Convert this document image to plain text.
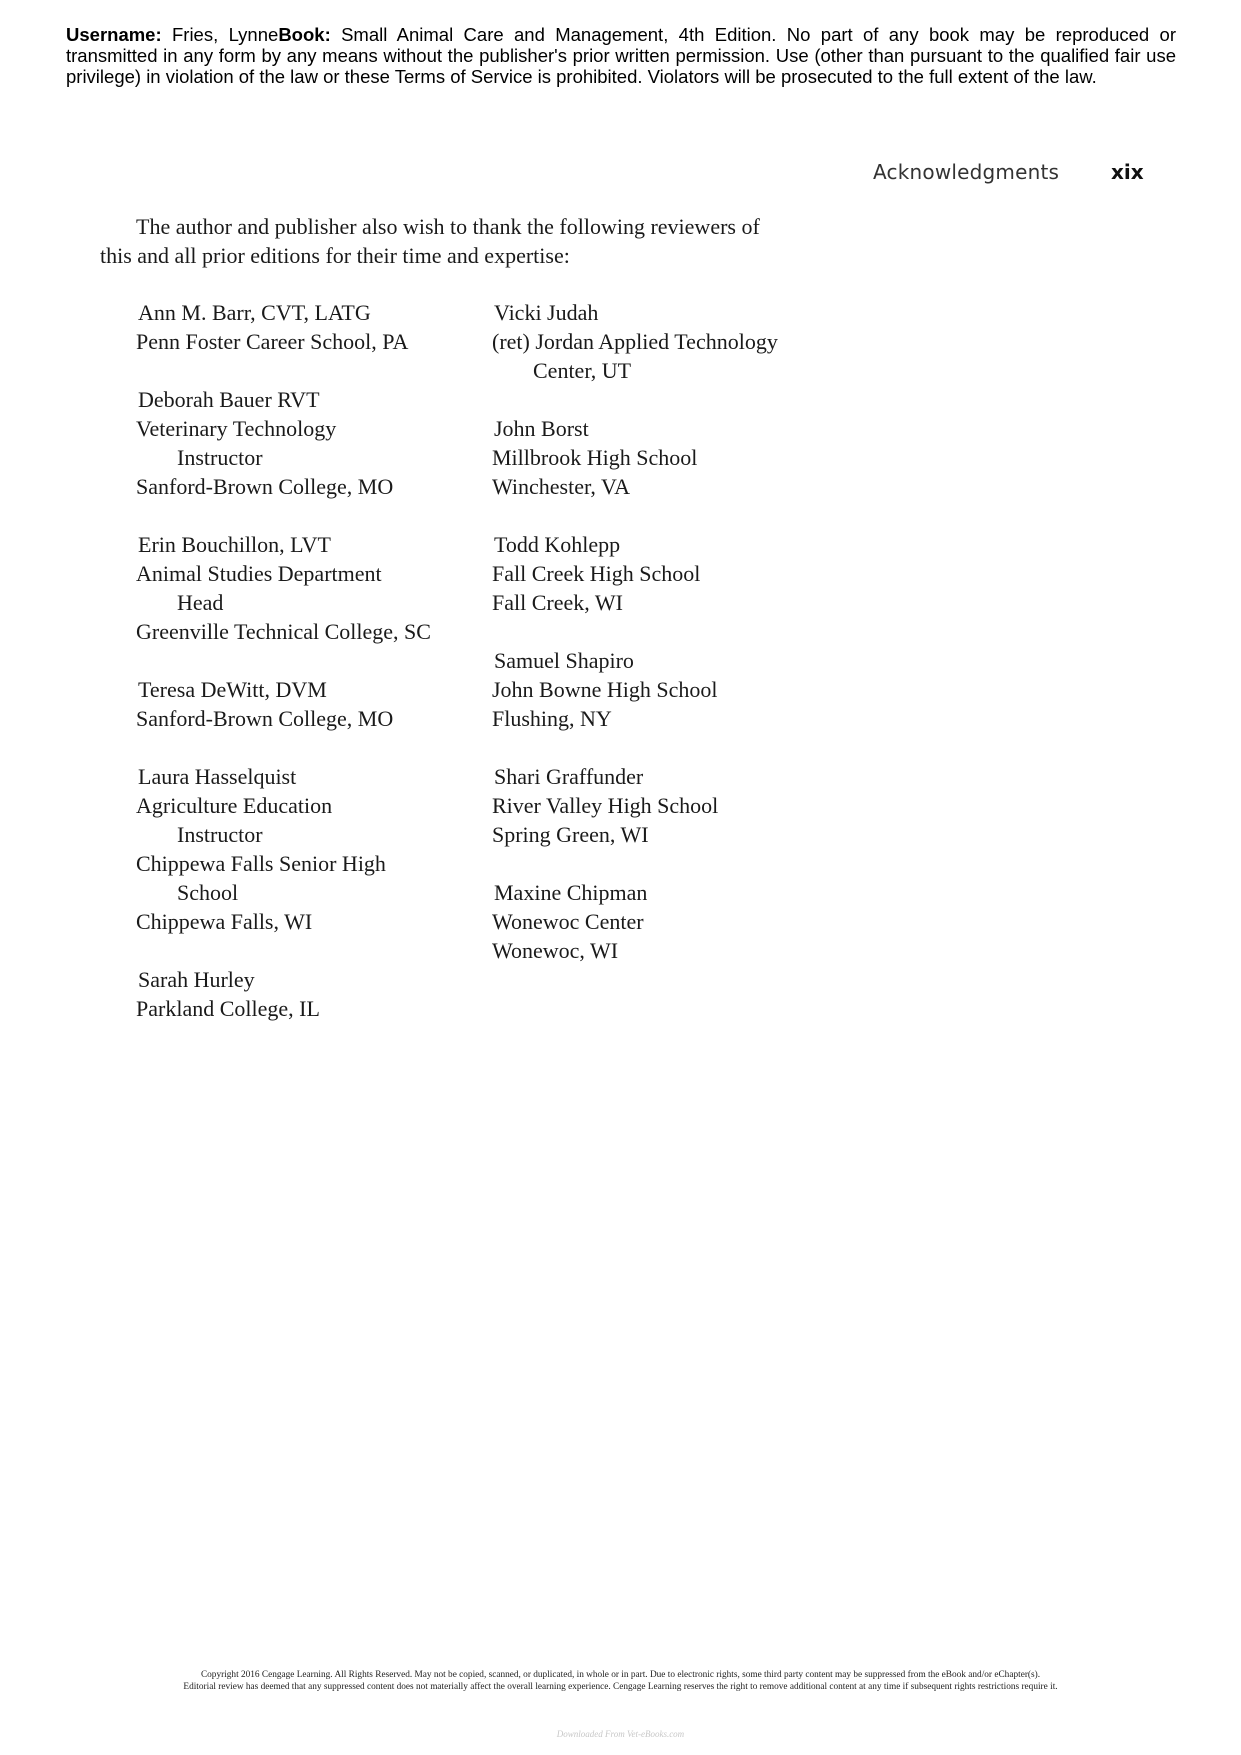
Username: Fries, LynneBook: Small Animal Care and Management, 4th Edition. No part of any book may be reproduced or transmitted in any form by any means without the publisher's prior written permission. Use (other than pursuant to the qualified fair use privilege) in violation of the law or these Terms of Service is prohibited. Violators will be prosecuted to the full extent of the law.
Acknowledgments	xix
The author and publisher also wish to thank the following reviewers of
this and all prior editions for their time and expertise:
Ann M. Barr, CVT, LATG
Penn Foster Career School, PA
Deborah Bauer RVT
Veterinary Technology
Instructor
Sanford-Brown College, MO
Erin Bouchillon, LVT
Animal Studies Department
Head
Greenville Technical College, SC
Teresa DeWitt, DVM
Sanford-Brown College, MO
Laura Hasselquist
Agriculture Education
Instructor
Chippewa Falls Senior High
School
Chippewa Falls, WI
Sarah Hurley
Parkland College, IL
Vicki Judah
(ret) Jordan Applied Technology
Center, UT
John Borst
Millbrook High School
Winchester, VA
Todd Kohlepp
Fall Creek High School
Fall Creek, WI
Samuel Shapiro
John Bowne High School
Flushing, NY
Shari Graffunder
River Valley High School
Spring Green, WI
Maxine Chipman
Wonewoc Center
Wonewoc, WI
Copyright 2016 Cengage Learning. All Rights Reserved. May not be copied, scanned, or duplicated, in whole or in part. Due to electronic rights, some third party content may be suppressed from the eBook and/or eChapter(s).
Editorial review has deemed that any suppressed content does not materially affect the overall learning experience. Cengage Learning reserves the right to remove additional content at any time if subsequent rights restrictions require it.
Downloaded From Vet-eBooks.com
